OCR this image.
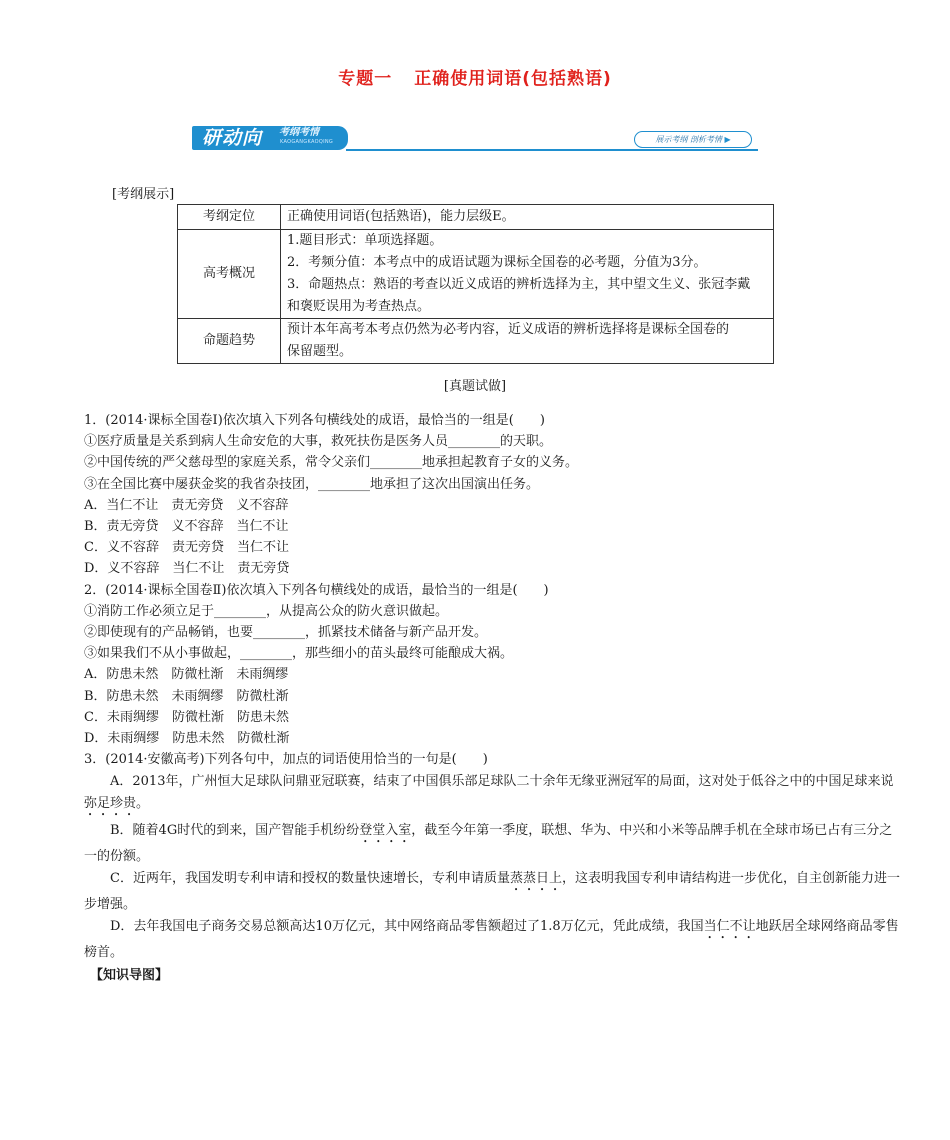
专题一 正确使用词语(包括熟语)
研动向 考纲考情
KAOGANGKAOQING	展示考纲 剖析考情 ▶
[考纲展示]
考纲定位	正确使用词语(包括熟语)，能力层级E。

高考概况	1.题目形式：单项选择题。
2．考频分值：本考点中的成语试题为课标全国卷的必考题，分值为3分。
3．命题热点：熟语的考查以近义成语的辨析选择为主，其中望文生义、张冠李戴
和褒贬误用为考查热点。

命题趋势	预计本年高考本考点仍然为必考内容，近义成语的辨析选择将是课标全国卷的
保留题型。
[真题试做]

1．(2014·课标全国卷Ⅰ)依次填入下列各句横线处的成语，最恰当的一组是(　　)

①医疗质量是关系到病人生命安危的大事，救死扶伤是医务人员________的天职。

②中国传统的严父慈母型的家庭关系，常令父亲们________地承担起教育子女的义务。

③在全国比赛中屡获金奖的我省杂技团，________地承担了这次出国演出任务。

A．当仁不让　责无旁贷　义不容辞

B．责无旁贷　义不容辞　当仁不让

C．义不容辞　责无旁贷　当仁不让

D．义不容辞　当仁不让　责无旁贷

2．(2014·课标全国卷Ⅱ)依次填入下列各句横线处的成语，最恰当的一组是(　　)

①消防工作必须立足于________，从提高公众的防火意识做起。

②即使现有的产品畅销，也要________，抓紧技术储备与新产品开发。

③如果我们不从小事做起，________，那些细小的苗头最终可能酿成大祸。

A．防患未然　防微杜渐　未雨绸缪

B．防患未然　未雨绸缪　防微杜渐

C．未雨绸缪　防微杜渐　防患未然

D．未雨绸缪　防患未然　防微杜渐

3．(2014·安徽高考)下列各句中，加点的词语使用恰当的一句是(　　)

A．2013年，广州恒大足球队问鼎亚冠联赛，结束了中国俱乐部足球队二十余年无缘亚洲冠军的局面，这对处于低谷之中的中国足球来说弥足珍贵。

B．随着4G时代的到来，国产智能手机纷纷登堂入室，截至今年第一季度，联想、华为、中兴和小米等品牌手机在全球市场已占有三分之一的份额。

C．近两年，我国发明专利申请和授权的数量快速增长，专利申请质量蒸蒸日上，这表明我国专利申请结构进一步优化，自主创新能力进一步增强。

D．去年我国电子商务交易总额高达10万亿元，其中网络商品零售额超过了1.8万亿元，凭此成绩，我国当仁不让地跃居全球网络商品零售榜首。

【知识导图】
